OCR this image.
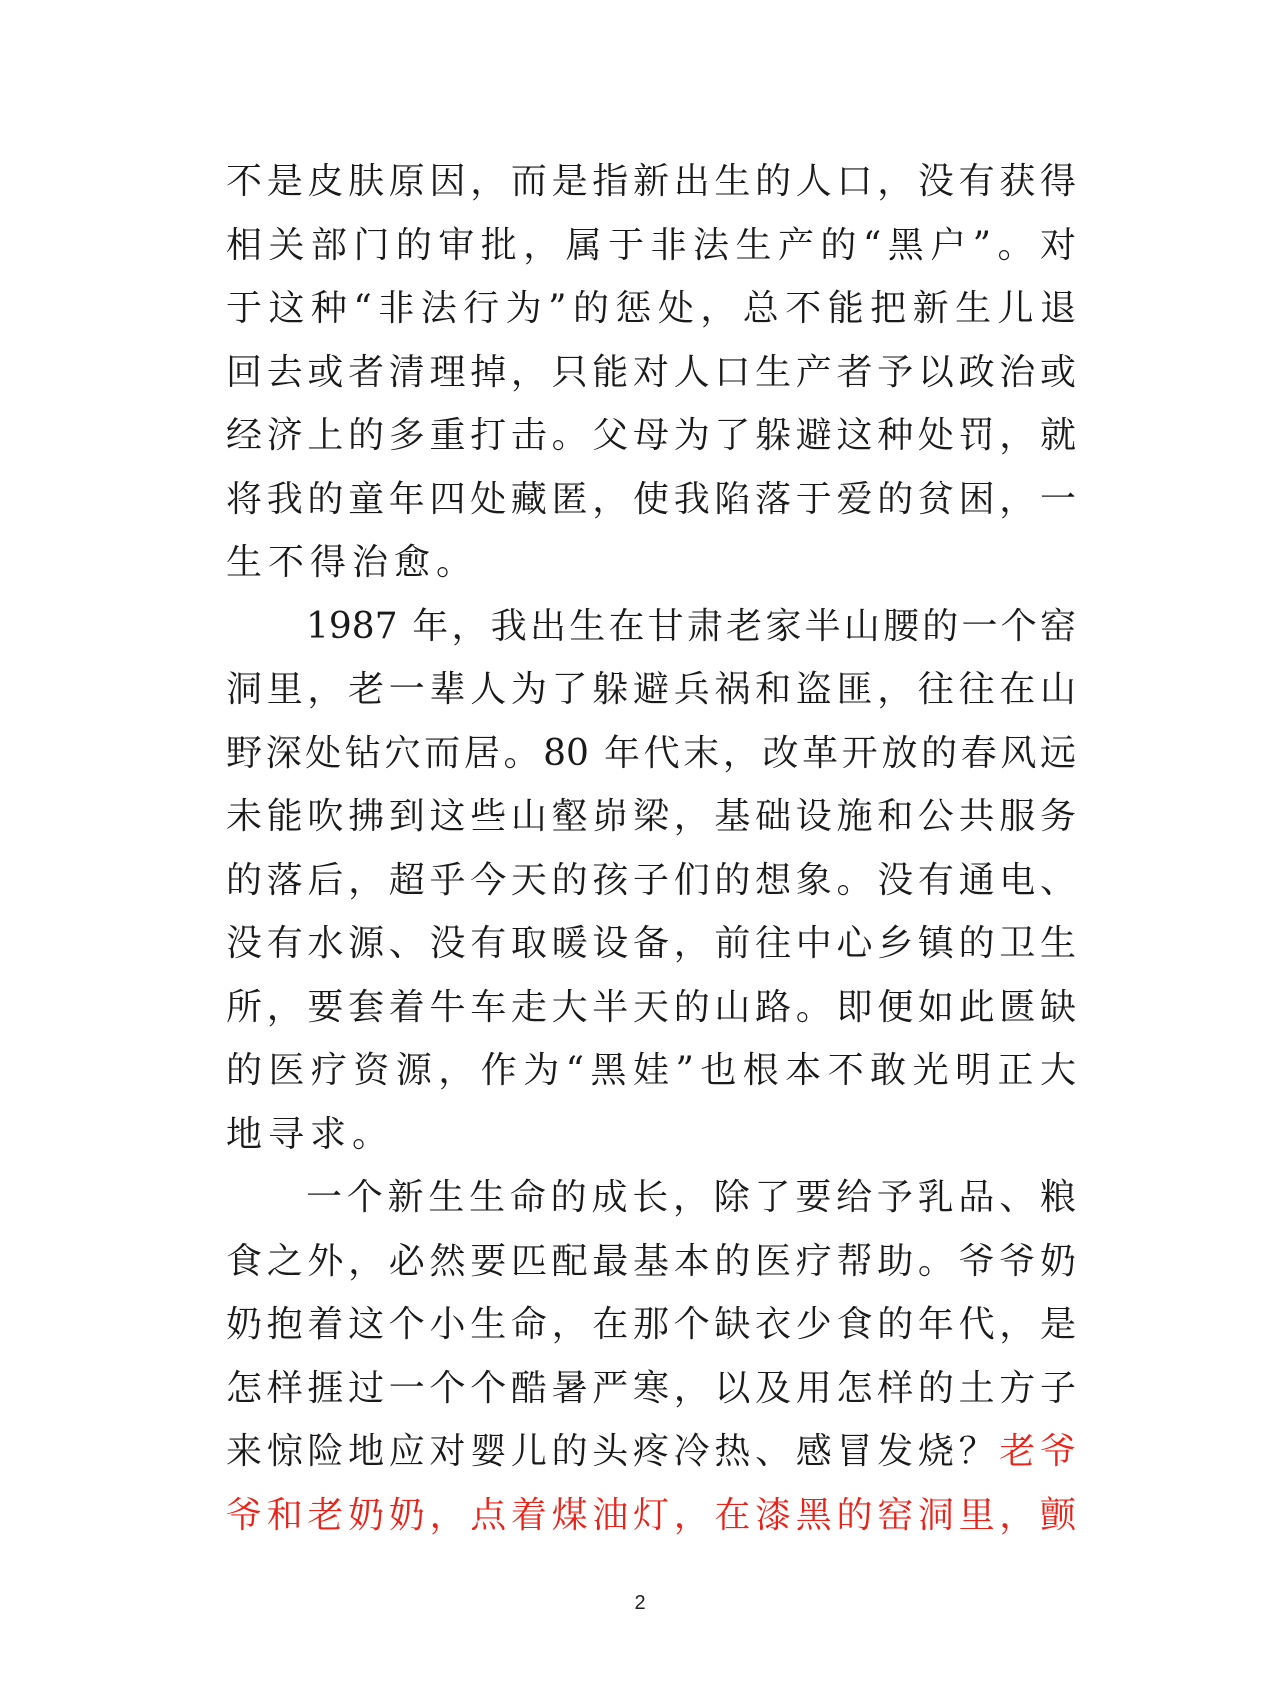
不是皮肤原因，而是指新出生的人口，没有获得
相关部门的审批，属于非法生产的“黑户”。对
于这种“非法行为”的惩处，总不能把新生儿退
回去或者清理掉，只能对人口生产者予以政治或
经济上的多重打击。父母为了躲避这种处罚，就
将我的童年四处藏匿，使我陷落于爱的贫困，一
生不得治愈。
1987 年，我出生在甘肃老家半山腰的一个窑
洞里，老一辈人为了躲避兵祸和盗匪，往往在山
野深处钻穴而居。80 年代末，改革开放的春风远
未能吹拂到这些山壑峁梁，基础设施和公共服务
的落后，超乎今天的孩子们的想象。没有通电、
没有水源、没有取暖设备，前往中心乡镇的卫生
所，要套着牛车走大半天的山路。即便如此匮缺
的医疗资源，作为“黑娃”也根本不敢光明正大
地寻求。
一个新生生命的成长，除了要给予乳品、粮
食之外，必然要匹配最基本的医疗帮助。爷爷奶
奶抱着这个小生命，在那个缺衣少食的年代，是
怎样捱过一个个酷暑严寒，以及用怎样的土方子
来惊险地应对婴儿的头疼冷热、感冒发烧？老爷
爷和老奶奶，点着煤油灯，在漆黑的窑洞里，颤
2
